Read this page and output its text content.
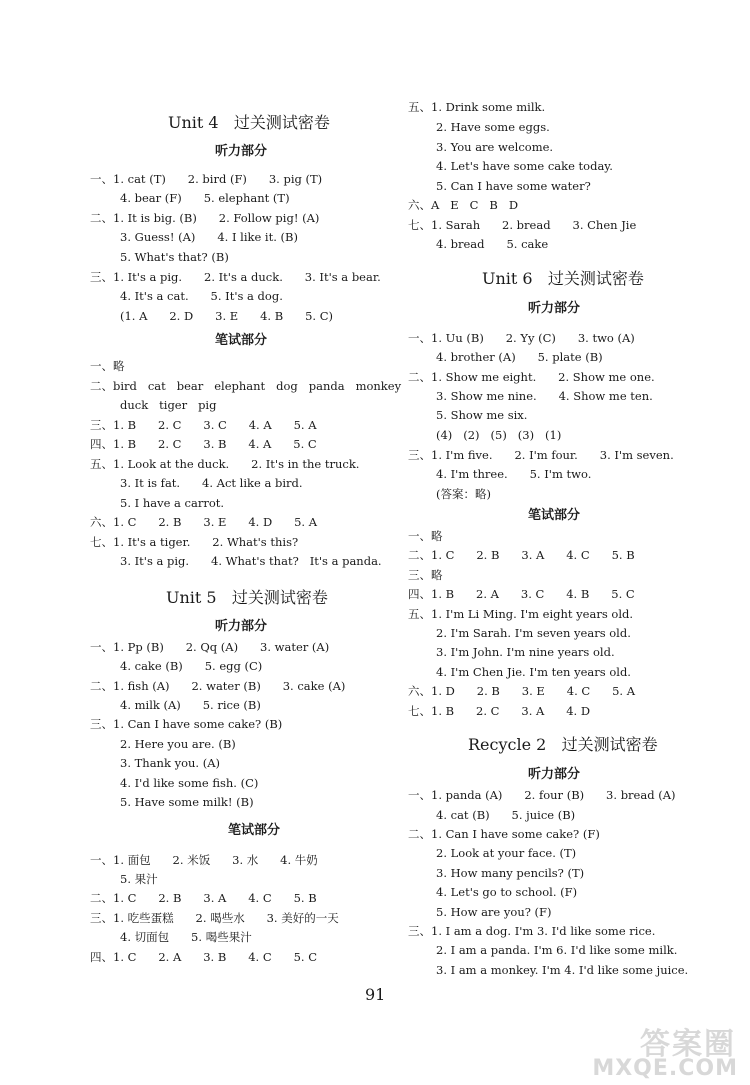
Unit 4   过关测试密卷
听力部分
一、1. cat (T)      2. bird (F)      3. pig (T)
4. bear (F)      5. elephant (T)
二、1. It is big. (B)      2. Follow pig! (A)
3. Guess! (A)      4. I like it. (B)
5. What's that? (B)
三、1. It's a pig.      2. It's a duck.      3. It's a bear.
4. It's a cat.      5. It's a dog.
(1. A      2. D      3. E      4. B      5. C)
笔试部分
一、略
二、bird   cat   bear   elephant   dog   panda   monkey
duck   tiger   pig
三、1. B      2. C      3. C      4. A      5. A
四、1. B      2. C      3. B      4. A      5. C
五、1. Look at the duck.      2. It's in the truck.
3. It is fat.      4. Act like a bird.
5. I have a carrot.
六、1. C      2. B      3. E      4. D      5. A
七、1. It's a tiger.      2. What's this?
3. It's a pig.      4. What's that?   It's a panda.
Unit 5   过关测试密卷
听力部分
一、1. Pp (B)      2. Qq (A)      3. water (A)
4. cake (B)      5. egg (C)
二、1. fish (A)      2. water (B)      3. cake (A)
4. milk (A)      5. rice (B)
三、1. Can I have some cake? (B)
2. Here you are. (B)
3. Thank you. (A)
4. I'd like some fish. (C)
5. Have some milk! (B)
笔试部分
一、1. 面包      2. 米饭      3. 水      4. 牛奶
5. 果汁
二、1. C      2. B      3. A      4. C      5. B
三、1. 吃些蛋糕      2. 喝些水      3. 美好的一天
4. 切面包      5. 喝些果汁
四、1. C      2. A      3. B      4. C      5. C
五、1. Drink some milk.
2. Have some eggs.
3. You are welcome.
4. Let's have some cake today.
5. Can I have some water?
六、A   E   C   B   D
七、1. Sarah      2. bread      3. Chen Jie
4. bread      5. cake
Unit 6   过关测试密卷
听力部分
一、1. Uu (B)      2. Yy (C)      3. two (A)
4. brother (A)      5. plate (B)
二、1. Show me eight.      2. Show me one.
3. Show me nine.      4. Show me ten.
5. Show me six.
(4)   (2)   (5)   (3)   (1)
三、1. I'm five.      2. I'm four.      3. I'm seven.
4. I'm three.      5. I'm two.
(答案：略)
笔试部分
一、略
二、1. C      2. B      3. A      4. C      5. B
三、略
四、1. B      2. A      3. C      4. B      5. C
五、1. I'm Li Ming. I'm eight years old.
2. I'm Sarah. I'm seven years old.
3. I'm John. I'm nine years old.
4. I'm Chen Jie. I'm ten years old.
六、1. D      2. B      3. E      4. C      5. A
七、1. B      2. C      3. A      4. D
Recycle 2   过关测试密卷
听力部分
一、1. panda (A)      2. four (B)      3. bread (A)
4. cat (B)      5. juice (B)
二、1. Can I have some cake? (F)
2. Look at your face. (T)
3. How many pencils? (T)
4. Let's go to school. (F)
5. How are you? (F)
三、1. I am a dog. I'm 3. I'd like some rice.
2. I am a panda. I'm 6. I'd like some milk.
3. I am a monkey. I'm 4. I'd like some juice.
91
答案圈
MXQE.COM
